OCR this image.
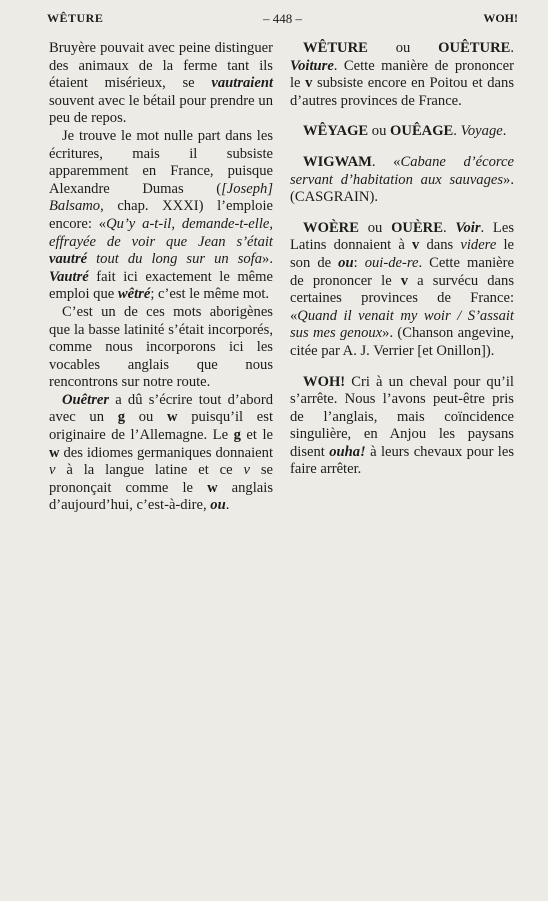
WÊTURE	– 448 –	WOH!

Bruyère pouvait avec peine distinguer des animaux de la ferme tant ils étaient misérieux, se vautraient souvent avec le bétail pour prendre un peu de repos.

Je trouve le mot nulle part dans les écritures, mais il subsiste apparemment en France, puisque Alexandre Dumas ([Joseph] Balsamo, chap. XXXI) l’emploie encore: «Qu’y a-t-il, demande-t-elle, effrayée de voir que Jean s’était vautré tout du long sur un sofa». Vautré fait ici exactement le même emploi que wêtré; c’est le même mot.

C’est un de ces mots aborigènes que la basse latinité s’était incorporés, comme nous incorporons ici les vocables anglais que nous rencontrons sur notre route.

Ouêtrer a dû s’écrire tout d’abord avec un g ou w puisqu’il est originaire de l’Allemagne. Le g et le w des idiomes germaniques donnaient v à la langue latine et ce v se prononçait comme le w anglais d’aujourd’hui, c’est-à-dire, ou.

WÊTURE ou OUÊTURE. Voiture. Cette manière de prononcer le v subsiste encore en Poitou et dans d’autres provinces de France.

WÊYAGE ou OUÊAGE. Voyage.

WIGWAM. «Cabane d’écorce servant d’habitation aux sauvages». (CASGRAIN).

WOÈRE ou OUÈRE. Voir. Les Latins donnaient à v dans videre le son de ou: oui-de-re. Cette manière de prononcer le v a survécu dans certaines provinces de France: «Quand il venait my woir / S’assait sus mes genoux». (Chanson angevine, citée par A. J. Verrier [et Onillon]).

WOH! Cri à un cheval pour qu’il s’arrête. Nous l’avons peut-être pris de l’anglais, mais coïncidence singulière, en Anjou les paysans disent ouha! à leurs chevaux pour les faire arrêter.
